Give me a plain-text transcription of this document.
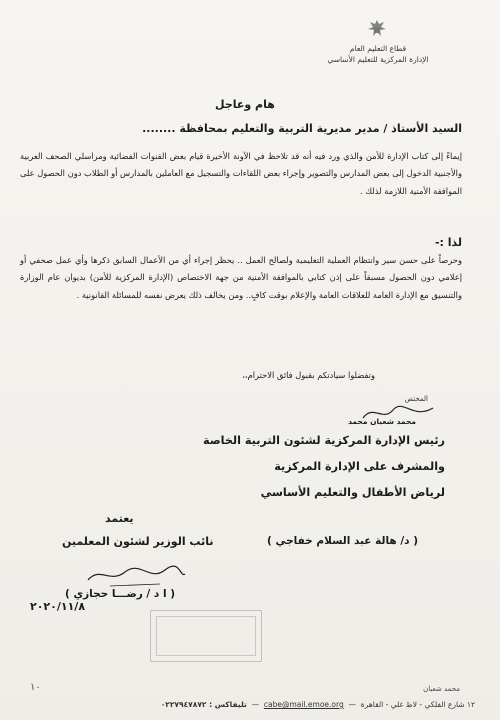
قطاع التعليم العام
الإدارة المركزية للتعليم الأساسي
هام وعاجل
السيد الأستاذ / مدير مديرية التربية والتعليم بمحافظة ........
إيماءً إلى كتاب الإدارة للأمن والذي ورد فيه أنه قد تلاحظ في الآونة الأخيرة قيام بعض القنوات الفضائية ومراسلي الصحف العربية والأجنبية الدخول إلى بعض المدارس والتصوير وإجراء بعض اللقاءات والتسجيل مع العاملين بالمدارس أو الطلاب دون الحصول على الموافقة الأمنية اللازمة لذلك .
لذا :-
وحرصاً على حسن سير وانتظام العملية التعليمية ولصالح العمل .. يحظر إجراء أي من الأعمال السابق ذكرها وأي عمل صحفي أو إعلامي دون الحصول مسبقاً على إذن كتابي بالموافقة الأمنية من جهة الاختصاص (الإدارة المركزية للأمن) بديوان عام الوزارة والتنسيق مع الإدارة العامة للعلاقات العامة والإعلام بوقت كافٍ.. ومن يخالف ذلك يعرض نفسه للمسائلة القانونية .
وتفضلوا سيادتكم بقبول فائق الاحترام،،
المختص
محمد شعبان محمد
رئيس الإدارة المركزية لشئون التربية الخاصة
والمشرف على الإدارة المركزية
لرياض الأطفال والتعليم الأساسي
يعتمد
نائب الوزير لشئون المعلمين	( د/ هالة عبد السلام خفاجي )
( ا د / رضـــا حجازي )
٢٠٢٠/١١/٨
١٠	محمد شعبان
١٢ شارع الفلكي - لاظ غلي - القاهرة  —  cabe@mail.emoe.org  —  تليفاكس : ٠٢٢٧٩٤٧٨٧٢
